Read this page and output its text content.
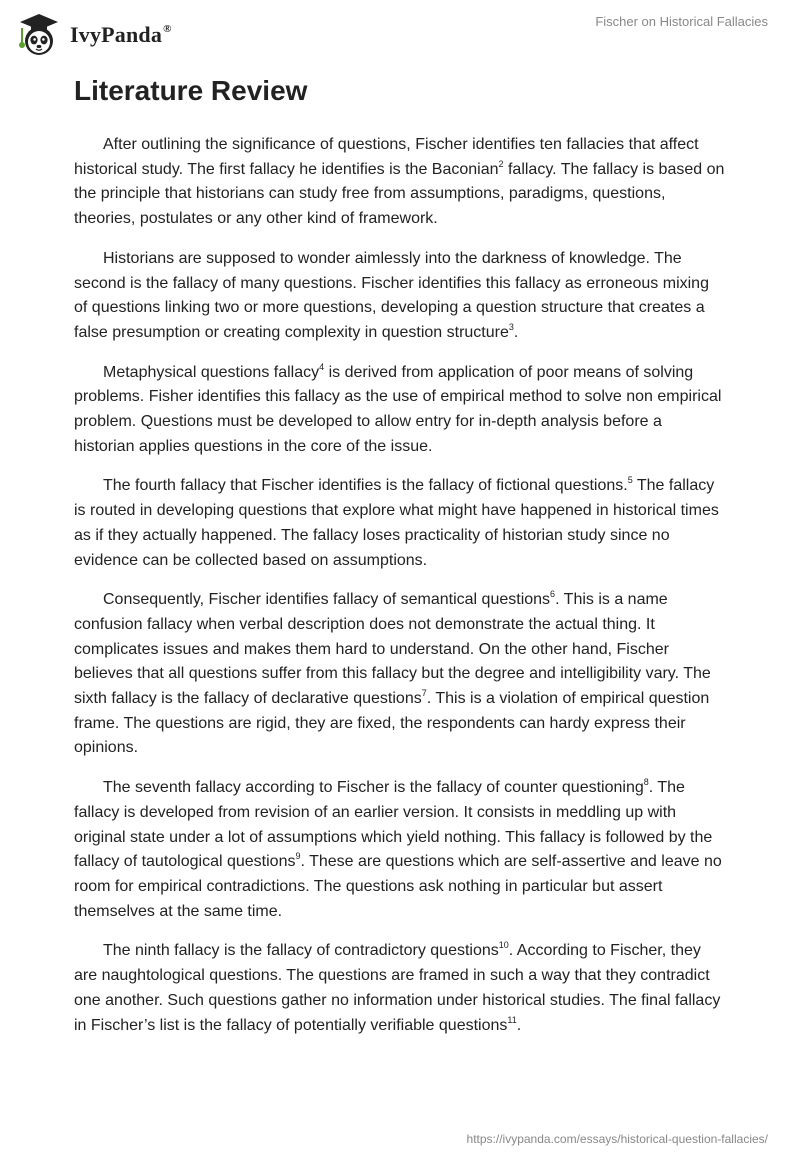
IvyPanda®	Fischer on Historical Fallacies
Literature Review

After outlining the significance of questions, Fischer identifies ten fallacies that affect historical study. The first fallacy he identifies is the Baconian$^2$ fallacy. The fallacy is based on the principle that historians can study free from assumptions, paradigms, questions, theories, postulates or any other kind of framework.

Historians are supposed to wonder aimlessly into the darkness of knowledge. The second is the fallacy of many questions. Fischer identifies this fallacy as erroneous mixing of questions linking two or more questions, developing a question structure that creates a false presumption or creating complexity in question structure$^3$.

Metaphysical questions fallacy$^4$ is derived from application of poor means of solving problems. Fisher identifies this fallacy as the use of empirical method to solve non empirical problem. Questions must be developed to allow entry for in-depth analysis before a historian applies questions in the core of the issue.

The fourth fallacy that Fischer identifies is the fallacy of fictional questions.$^5$ The fallacy is routed in developing questions that explore what might have happened in historical times as if they actually happened. The fallacy loses practicality of historian study since no evidence can be collected based on assumptions.

Consequently, Fischer identifies fallacy of semantical questions$^6$. This is a name confusion fallacy when verbal description does not demonstrate the actual thing. It complicates issues and makes them hard to understand. On the other hand, Fischer believes that all questions suffer from this fallacy but the degree and intelligibility vary. The sixth fallacy is the fallacy of declarative questions$^7$. This is a violation of empirical question frame. The questions are rigid, they are fixed, the respondents can hardy express their opinions.

The seventh fallacy according to Fischer is the fallacy of counter questioning$^8$. The fallacy is developed from revision of an earlier version. It consists in meddling up with original state under a lot of assumptions which yield nothing. This fallacy is followed by the fallacy of tautological questions$^9$. These are questions which are self-assertive and leave no room for empirical contradictions. The questions ask nothing in particular but assert themselves at the same time.

The ninth fallacy is the fallacy of contradictory questions$^{10}$. According to Fischer, they are naughtological questions. The questions are framed in such a way that they contradict one another. Such questions gather no information under historical studies. The final fallacy in Fischer’s list is the fallacy of potentially verifiable questions$^{11}$.

https://ivypanda.com/essays/historical-question-fallacies/
